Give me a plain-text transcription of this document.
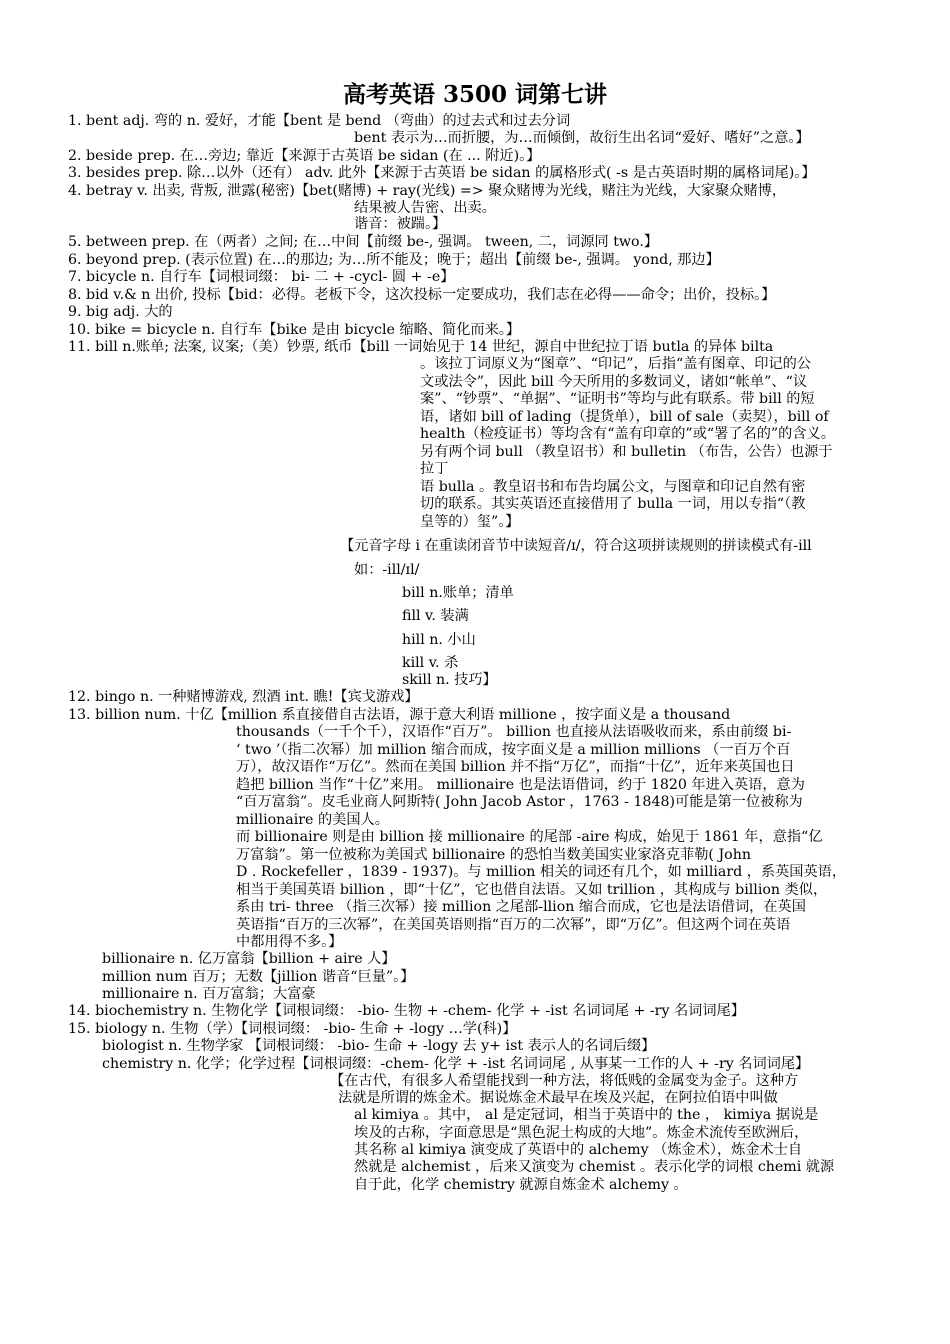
高考英语 3500 词第七讲
1. bent adj. 弯的 n. 爱好，才能【bent 是 bend （弯曲）的过去式和过去分词
bent 表示为…而折腰，为…而倾倒，故衍生出名词“爱好、嗜好”之意。】
2. beside prep. 在…旁边; 靠近【来源于古英语 be sidan (在 ... 附近)。】
3. besides prep. 除…以外（还有） adv. 此外【来源于古英语 be sidan 的属格形式( -s 是古英语时期的属格词尾)。】
4. betray v. 出卖, 背叛, 泄露(秘密)【bet(赌博) + ray(光线) => 聚众赌博为光线，赌注为光线，大家聚众赌博，
结果被人告密、出卖。
谐音：被踹。】
5. between prep. 在（两者）之间; 在…中间【前缀 be-, 强调。 tween, 二，词源同 two.】
6. beyond prep. (表示位置) 在…的那边; 为…所不能及；晚于；超出【前缀 be-, 强调。 yond, 那边】
7. bicycle n. 自行车【词根词缀： bi- 二 + -cycl- 圆 + -e】
8. bid v.& n 出价, 投标【bid：必得。老板下令，这次投标一定要成功，我们志在必得——命令；出价，投标。】
9. big adj. 大的
10. bike = bicycle n. 自行车【bike 是由 bicycle 缩略、简化而来。】
11. bill n.账单; 法案, 议案;（美）钞票, 纸币【bill 一词始见于 14 世纪，源自中世纪拉丁语 butla 的异体 bilta
。该拉丁词原义为“图章”、“印记”，后指“盖有图章、印记的公
文或法令”，因此 bill 今天所用的多数词义，诸如“帐单”、“议
案”、“钞票”、“单据”、“证明书”等均与此有联系。带 bill 的短
语，诸如 bill of lading（提货单），bill of sale（卖契），bill of
health（检疫证书）等均含有“盖有印章的”或“署了名的”的含义。
另有两个词 bull （教皇诏书）和 bulletin （布告，公告）也源于
拉丁
语 bulla 。教皇诏书和布告均属公文，与图章和印记自然有密
切的联系。其实英语还直接借用了 bulla 一词，用以专指“（教
皇等的）玺”。】
【元音字母 i 在重读闭音节中读短音/ɪ/，符合这项拼读规则的拼读模式有-ill
如：-ill/ɪl/
bill n.账单；清单
fill v. 装满
hill n. 小山
kill v. 杀
skill n. 技巧】
12. bingo n. 一种赌博游戏, 烈酒 int. 瞧!【宾戈游戏】
13. billion num. 十亿【million 系直接借自古法语，源于意大利语 millione ，按字面义是 a thousand
thousands（一千个千），汉语作“百万”。 billion 也直接从法语吸收而来，系由前缀 bi-
‘ two ’（指二次幂）加 million 缩合而成，按字面义是 a million millions （一百万个百
万），故汉语作“万亿”。然而在美国 billion 并不指“万亿”，而指“十亿”，近年来英国也日
趋把 billion 当作“十亿”来用。 millionaire 也是法语借词，约于 1820 年进入英语，意为
“百万富翁”。皮毛业商人阿斯特( John Jacob Astor ，1763 - 1848)可能是第一位被称为
millionaire 的美国人。
而 billionaire 则是由 billion 接 millionaire 的尾部 -aire 构成，始见于 1861 年，意指“亿
万富翁”。第一位被称为美国式 billionaire 的恐怕当数美国实业家洛克菲勒( John
D . Rockefeller ，1839 - 1937)。与 million 相关的词还有几个，如 milliard ，系英国英语，
相当于美国英语 billion ，即“十亿”，它也借自法语。又如 trillion ，其构成与 billion 类似，
系由 tri- three （指三次幂）接 million 之尾部-llion 缩合而成，它也是法语借词，在英国
英语指“百万的三次幂”，在美国英语则指“百万的二次幂”，即“万亿”。但这两个词在英语
中都用得不多。】
billionaire n. 亿万富翁【billion + aire 人】
million num 百万；无数【jillion 谐音“巨量”。】
millionaire n. 百万富翁；大富豪
14. biochemistry n. 生物化学【词根词缀： -bio- 生物 + -chem- 化学 + -ist 名词词尾 + -ry 名词词尾】
15. biology n. 生物（学）【词根词缀： -bio- 生命 + -logy …学(科)】
biologist n. 生物学家 【词根词缀： -bio- 生命 + -logy 去 y+ ist 表示人的名词后缀】
chemistry n. 化学；化学过程【词根词缀：-chem- 化学 + -ist 名词词尾 , 从事某一工作的人 + -ry 名词词尾】
【在古代，有很多人希望能找到一种方法，将低贱的金属变为金子。这种方
法就是所谓的炼金术。据说炼金术最早在埃及兴起，在阿拉伯语中叫做
al kimiya 。其中， al 是定冠词，相当于英语中的 the ， kimiya 据说是
埃及的古称，字面意思是“黑色泥土构成的大地”。炼金术流传至欧洲后，
其名称 al kimiya 演变成了英语中的 alchemy （炼金术），炼金术士自
然就是 alchemist ，后来又演变为 chemist 。表示化学的词根 chemi 就源
自于此，化学 chemistry 就源自炼金术 alchemy 。
